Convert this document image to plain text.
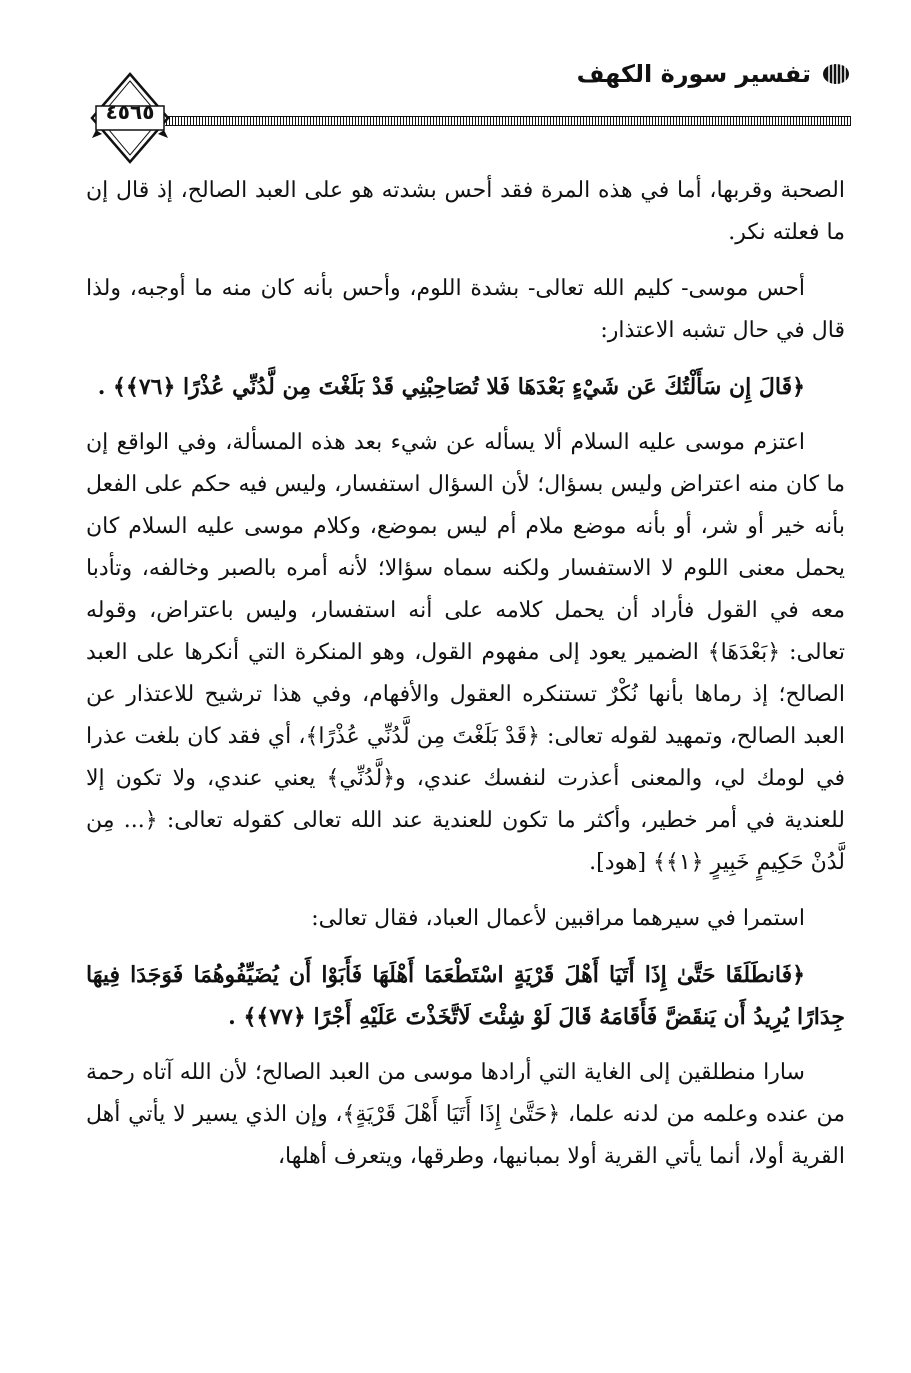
تفسير سورة الكهف
٤٥٦٥

الصحبة وقربها، أما في هذه المرة فقد أحس بشدته هو على العبد الصالح، إذ قال إن ما فعلته نكر.

أحس موسى- كليم الله تعالى- بشدة اللوم، وأحس بأنه كان منه ما أوجبه، ولذا قال في حال تشبه الاعتذار:

﴿قَالَ إِن سَأَلْتُكَ عَن شَيْءٍ بَعْدَهَا فَلا تُصَاحِبْنِي قَدْ بَلَغْتَ مِن لَّدُنِّي عُذْرًا ﴿٧٦﴾﴾ .

اعتزم موسى عليه السلام ألا يسأله عن شيء بعد هذه المسألة، وفي الواقع إن ما كان منه اعتراض وليس بسؤال؛ لأن السؤال استفسار، وليس فيه حكم على الفعل بأنه خير أو شر، أو بأنه موضع ملام أم ليس بموضع، وكلام موسى عليه السلام كان يحمل معنى اللوم لا الاستفسار ولكنه سماه سؤالا؛ لأنه أمره بالصبر وخالفه، وتأدبا معه في القول فأراد أن يحمل كلامه على أنه استفسار، وليس باعتراض، وقوله تعالى: ﴿بَعْدَهَا﴾ الضمير يعود إلى مفهوم القول، وهو المنكرة التي أنكرها على العبد الصالح؛ إذ رماها بأنها نُكْرٌ تستنكره العقول والأفهام، وفي هذا ترشيح للاعتذار عن العبد الصالح، وتمهيد لقوله تعالى: ﴿قَدْ بَلَغْتَ مِن لَّدُنِّي عُذْرًا﴾، أي فقد كان بلغت عذرا في لومك لي، والمعنى أعذرت لنفسك عندي، و﴿لَّدُنِّي﴾ يعني عندي، ولا تكون إلا للعندية في أمر خطير، وأكثر ما تكون للعندية عند الله تعالى كقوله تعالى: ﴿... مِن لَّدُنْ حَكِيمٍ خَبِيرٍ ﴿١﴾﴾ [هود].

استمرا في سيرهما مراقبين لأعمال العباد، فقال تعالى:

﴿فَانطَلَقَا حَتَّىٰ إِذَا أَتَيَا أَهْلَ قَرْيَةٍ اسْتَطْعَمَا أَهْلَهَا فَأَبَوْا أَن يُضَيِّفُوهُمَا فَوَجَدَا فِيهَا جِدَارًا يُرِيدُ أَن يَنقَضَّ فَأَقَامَهُ قَالَ لَوْ شِئْتَ لَاتَّخَذْتَ عَلَيْهِ أَجْرًا ﴿٧٧﴾﴾ .

سارا منطلقين إلى الغاية التي أرادها موسى من العبد الصالح؛ لأن الله آتاه رحمة من عنده وعلمه من لدنه علما، ﴿حَتَّىٰ إِذَا أَتَيَا أَهْلَ قَرْيَةٍ﴾، وإن الذي يسير لا يأتي أهل القرية أولا، أنما يأتي القرية أولا بمبانيها، وطرقها، ويتعرف أهلها،
